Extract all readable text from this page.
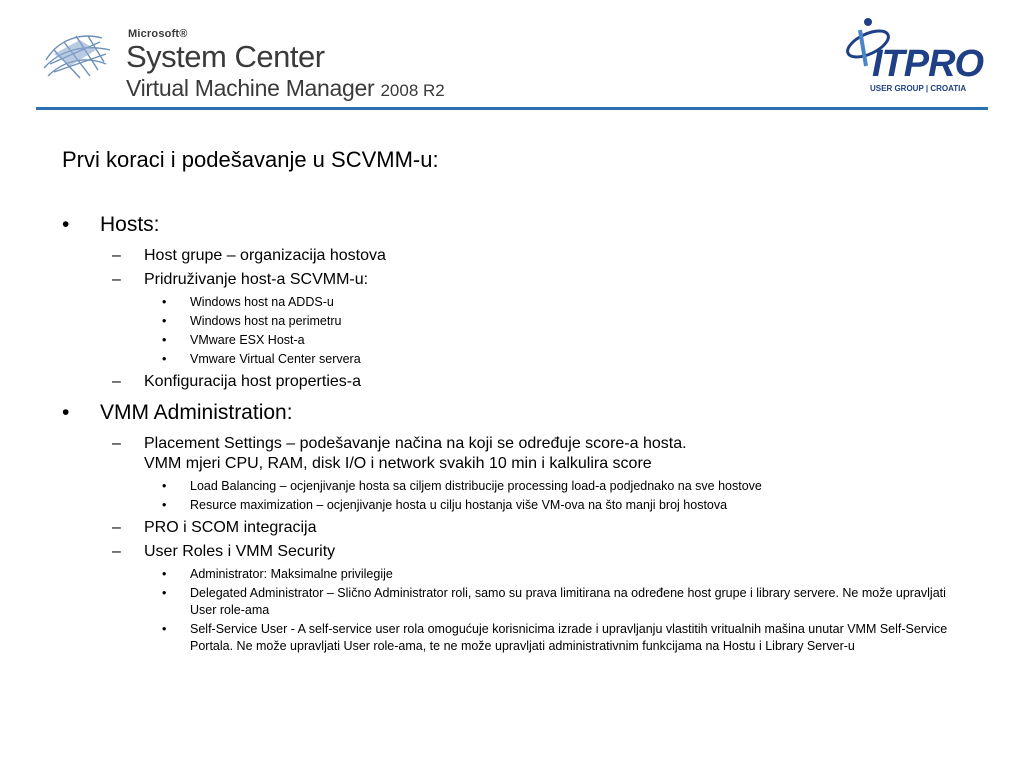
Microsoft®
System Center
Virtual Machine Manager 2008 R2
ITPRO
USER GROUP | CROATIA
Prvi koraci i podešavanje u SCVMM-u:
•	Hosts:
– Host grupe – organizacija hostova
– Pridruživanje host-a SCVMM-u:
• Windows host na ADDS-u
• Windows host na perimetru
• VMware ESX Host-a
• Vmware Virtual Center servera
– Konfiguracija host properties-a
•	VMM Administration:
– Placement Settings – podešavanje načina na koji se određuje score-a hosta.
VMM mjeri CPU, RAM, disk I/O i network svakih 10 min i kalkulira score
• Load Balancing – ocjenjivanje hosta sa ciljem distribucije processing load-a podjednako na sve hostove
• Resurce maximization – ocjenjivanje hosta u cilju hostanja više VM-ova na što manji broj hostova
– PRO i SCOM integracija
– User Roles i VMM Security
• Administrator: Maksimalne privilegije
• Delegated Administrator – Slično Administrator roli, samo su prava limitirana na određene host grupe i library servere. Ne može upravljati User role-ama
• Self-Service User - A self-service user rola omogućuje korisnicima izrade i upravljanju vlastitih vritualnih mašina unutar VMM Self-Service Portala. Ne može upravljati User role-ama, te ne može upravljati administrativnim funkcijama na Hostu i Library Server-u
